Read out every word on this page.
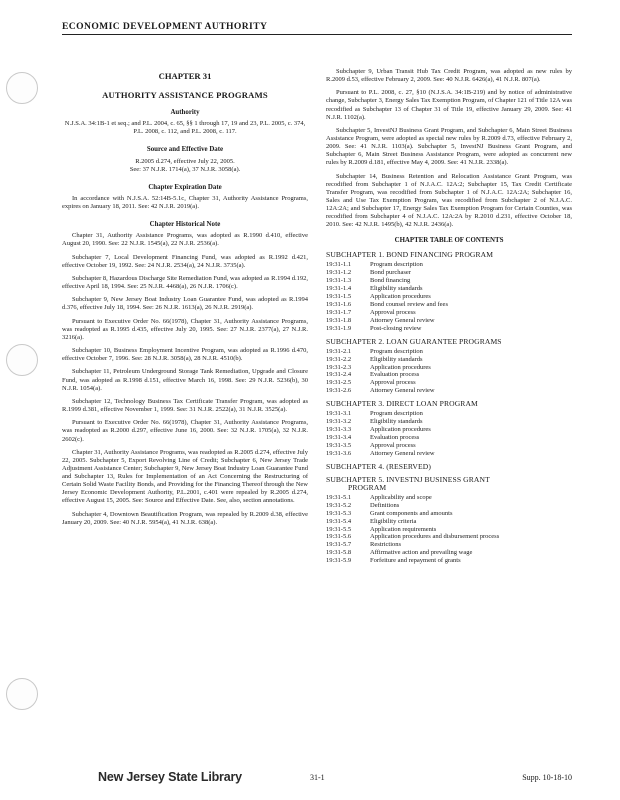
ECONOMIC DEVELOPMENT AUTHORITY
CHAPTER 31
AUTHORITY ASSISTANCE PROGRAMS
Authority
N.J.S.A. 34:1B-1 et seq.; and P.L. 2004, c. 65, §§ 1 through 17, 19 and 23, P.L. 2005, c. 374, P.L. 2008, c. 112, and P.L. 2008, c. 117.
Source and Effective Date
R.2005 d.274, effective July 22, 2005.
See: 37 N.J.R. 1714(a), 37 N.J.R. 3058(a).
Chapter Expiration Date

In accordance with N.J.S.A. 52:14B-5.1c, Chapter 31, Authority Assistance Programs, expires on January 18, 2011. See: 42 N.J.R. 2019(a).

Chapter Historical Note

Chapter 31, Authority Assistance Programs, was adopted as R.1990 d.410, effective August 20, 1990. See: 22 N.J.R. 1545(a), 22 N.J.R. 2536(a).

Subchapter 7, Local Development Financing Fund, was adopted as R.1992 d.421, effective October 19, 1992. See: 24 N.J.R. 2534(a), 24 N.J.R. 3735(a).

Subchapter 8, Hazardous Discharge Site Remediation Fund, was adopted as R.1994 d.192, effective April 18, 1994. See: 25 N.J.R. 4468(a), 26 N.J.R. 1706(c).

Subchapter 9, New Jersey Boat Industry Loan Guarantee Fund, was adopted as R.1994 d.376, effective July 18, 1994. See: 26 N.J.R. 1613(a), 26 N.J.R. 2919(a).

Pursuant to Executive Order No. 66(1978), Chapter 31, Authority Assistance Programs, was readopted as R.1995 d.435, effective July 20, 1995. See: 27 N.J.R. 2377(a), 27 N.J.R. 3216(a).

Subchapter 10, Business Employment Incentive Program, was adopted as R.1996 d.470, effective October 7, 1996. See: 28 N.J.R. 3058(a), 28 N.J.R. 4510(b).

Subchapter 11, Petroleum Underground Storage Tank Remediation, Upgrade and Closure Fund, was adopted as R.1998 d.151, effective March 16, 1998. See: 29 N.J.R. 5236(b), 30 N.J.R. 1054(a).

Subchapter 12, Technology Business Tax Certificate Transfer Program, was adopted as R.1999 d.381, effective November 1, 1999. See: 31 N.J.R. 2522(a), 31 N.J.R. 3525(a).

Pursuant to Executive Order No. 66(1978), Chapter 31, Authority Assistance Programs, was readopted as R.2000 d.297, effective June 16, 2000. See: 32 N.J.R. 1705(a), 32 N.J.R. 2602(c).

Chapter 31, Authority Assistance Programs, was readopted as R.2005 d.274, effective July 22, 2005. Subchapter 5, Export Revolving Line of Credit; Subchapter 6, New Jersey Trade Adjustment Assistance Center; Subchapter 9, New Jersey Boat Industry Loan Guarantee Fund and Subchapter 13, Rules for Implementation of an Act Concerning the Restructuring of Certain Solid Waste Facility Bonds, and Providing for the Financing Thereof through the New Jersey Economic Development Authority, P.L.2001, c.401 were repealed by R.2005 d.274, effective August 15, 2005. See: Source and Effective Date. See, also, section annotations.

Subchapter 4, Downtown Beautification Program, was repealed by R.2009 d.38, effective January 20, 2009. See: 40 N.J.R. 5954(a), 41 N.J.R. 638(a).

Subchapter 9, Urban Transit Hub Tax Credit Program, was adopted as new rules by R.2009 d.53, effective February 2, 2009. See: 40 N.J.R. 6426(a), 41 N.J.R. 807(a).

Pursuant to P.L. 2008, c. 27, §10 (N.J.S.A. 34:1B-219) and by notice of administrative change, Subchapter 3, Energy Sales Tax Exemption Program, of Chapter 121 of Title 12A was recodified as Subchapter 13 of Chapter 31 of Title 19, effective January 29, 2009. See: 41 N.J.R. 1102(a).

Subchapter 5, InvestNJ Business Grant Program, and Subchapter 6, Main Street Business Assistance Program, were adopted as special new rules by R.2009 d.73, effective February 2, 2009. See: 41 N.J.R. 1103(a). Subchapter 5, InvestNJ Business Grant Program, and Subchapter 6, Main Street Business Assistance Program, were adopted as concurrent new rules by R.2009 d.181, effective May 4, 2009. See: 41 N.J.R. 2338(a).

Subchapter 14, Business Retention and Relocation Assistance Grant Program, was recodified from Subchapter 1 of N.J.A.C. 12A:2; Subchapter 15, Tax Credit Certificate Transfer Program, was recodified from Subchapter 1 of N.J.A.C. 12A:2A; Subchapter 16, Sales and Use Tax Exemption Program, was recodified from Subchapter 2 of N.J.A.C. 12A:2A; and Subchapter 17, Energy Sales Tax Exemption Program for Certain Counties, was recodified from Subchapter 4 of N.J.A.C. 12A:2A by R.2010 d.231, effective October 18, 2010. See: 42 N.J.R. 1495(b), 42 N.J.R. 2436(a).

CHAPTER TABLE OF CONTENTS
SUBCHAPTER 1. BOND FINANCING PROGRAM
19:31-1.1	Program description
19:31-1.2	Bond purchaser
19:31-1.3	Bond financing
19:31-1.4	Eligibility standards
19:31-1.5	Application procedures
19:31-1.6	Bond counsel review and fees
19:31-1.7	Approval process
19:31-1.8	Attorney General review
19:31-1.9	Post-closing review
SUBCHAPTER 2. LOAN GUARANTEE PROGRAMS
19:31-2.1	Program description
19:31-2.2	Eligibility standards
19:31-2.3	Application procedures
19:31-2.4	Evaluation process
19:31-2.5	Approval process
19:31-2.6	Attorney General review
SUBCHAPTER 3. DIRECT LOAN PROGRAM
19:31-3.1	Program description
19:31-3.2	Eligibility standards
19:31-3.3	Application procedures
19:31-3.4	Evaluation process
19:31-3.5	Approval process
19:31-3.6	Attorney General review
SUBCHAPTER 4. (RESERVED)
SUBCHAPTER 5. INVESTNJ BUSINESS GRANT
PROGRAM
19:31-5.1	Applicability and scope
19:31-5.2	Definitions
19:31-5.3	Grant components and amounts
19:31-5.4	Eligibility criteria
19:31-5.5	Application requirements
19:31-5.6	Application procedures and disbursement process
19:31-5.7	Restrictions
19:31-5.8	Affirmative action and prevailing wage
19:31-5.9	Forfeiture and repayment of grants
New Jersey State Library	31-1	Supp. 10-18-10
